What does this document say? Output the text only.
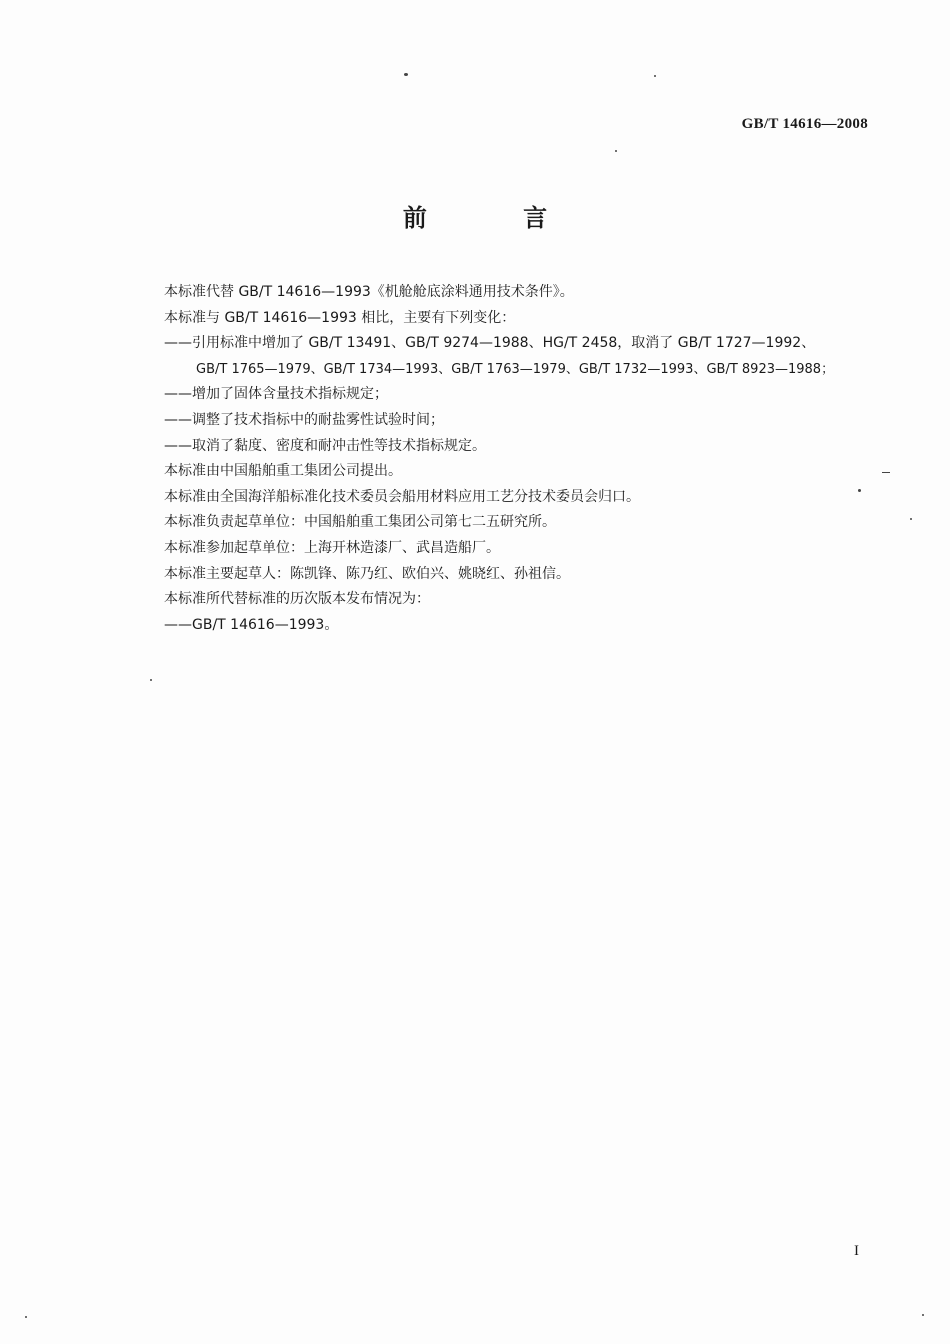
GB/T 14616—2008
前 言
本标准代替 GB/T 14616—1993《机舱舱底涂料通用技术条件》。
本标准与 GB/T 14616—1993 相比，主要有下列变化：
——引用标准中增加了 GB/T 13491、GB/T 9274—1988、HG/T 2458，取消了 GB/T 1727—1992、
GB/T 1765—1979、GB/T 1734—1993、GB/T 1763—1979、GB/T 1732—1993、GB/T 8923—1988；
——增加了固体含量技术指标规定；
——调整了技术指标中的耐盐雾性试验时间；
——取消了黏度、密度和耐冲击性等技术指标规定。
本标准由中国船舶重工集团公司提出。
本标准由全国海洋船标准化技术委员会船用材料应用工艺分技术委员会归口。
本标准负责起草单位：中国船舶重工集团公司第七二五研究所。
本标准参加起草单位：上海开林造漆厂、武昌造船厂。
本标准主要起草人：陈凯锋、陈乃红、欧伯兴、姚晓红、孙祖信。
本标准所代替标准的历次版本发布情况为：
——GB/T 14616—1993。
I
